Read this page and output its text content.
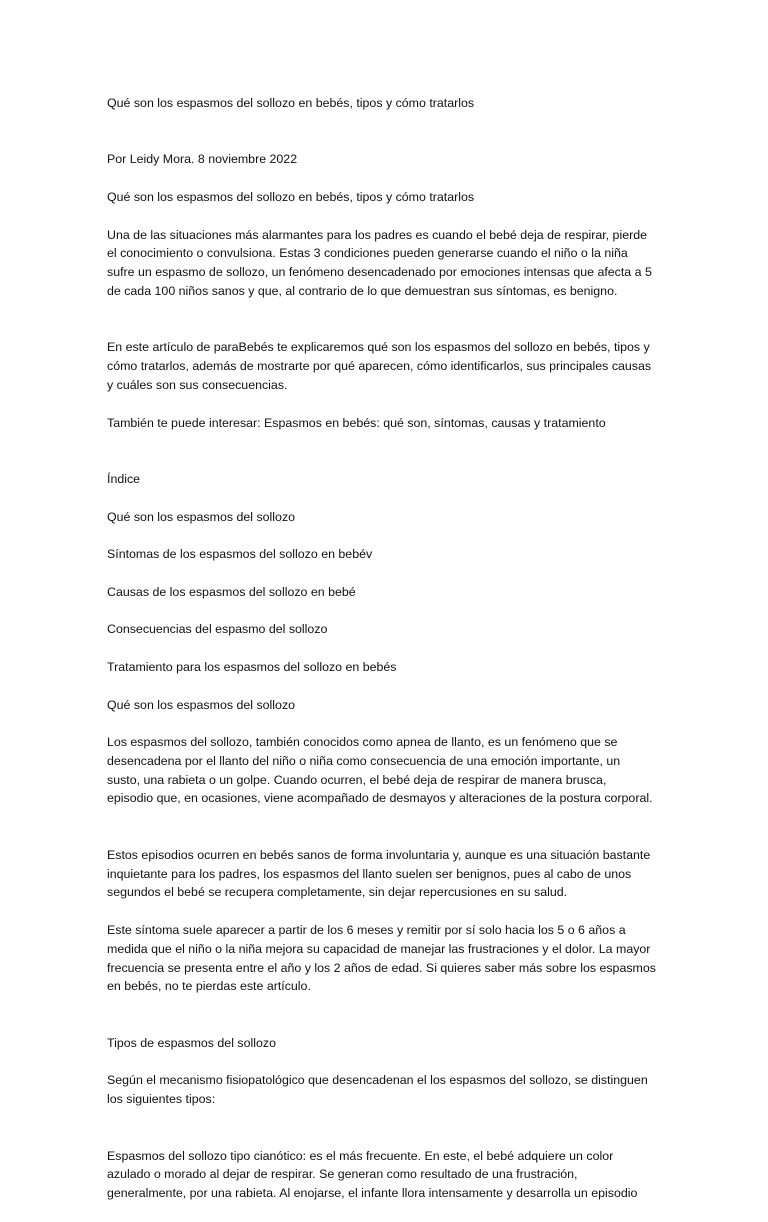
Qué son los espasmos del sollozo en bebés, tipos y cómo tratarlos

Por Leidy Mora. 8 noviembre 2022

Qué son los espasmos del sollozo en bebés, tipos y cómo tratarlos

Una de las situaciones más alarmantes para los padres es cuando el bebé deja de respirar, pierde
el conocimiento o convulsiona. Estas 3 condiciones pueden generarse cuando el niño o la niña
sufre un espasmo de sollozo, un fenómeno desencadenado por emociones intensas que afecta a 5
de cada 100 niños sanos y que, al contrario de lo que demuestran sus síntomas, es benigno.

En este artículo de paraBebés te explicaremos qué son los espasmos del sollozo en bebés, tipos y
cómo tratarlos, además de mostrarte por qué aparecen, cómo identificarlos, sus principales causas
y cuáles son sus consecuencias.

También te puede interesar: Espasmos en bebés: qué son, síntomas, causas y tratamiento

Índice

Qué son los espasmos del sollozo

Síntomas de los espasmos del sollozo en bebév

Causas de los espasmos del sollozo en bebé

Consecuencias del espasmo del sollozo

Tratamiento para los espasmos del sollozo en bebés

Qué son los espasmos del sollozo

Los espasmos del sollozo, también conocidos como apnea de llanto, es un fenómeno que se
desencadena por el llanto del niño o niña como consecuencia de una emoción importante, un
susto, una rabieta o un golpe. Cuando ocurren, el bebé deja de respirar de manera brusca,
episodio que, en ocasiones, viene acompañado de desmayos y alteraciones de la postura corporal.

Estos episodios ocurren en bebés sanos de forma involuntaria y, aunque es una situación bastante
inquietante para los padres, los espasmos del llanto suelen ser benignos, pues al cabo de unos
segundos el bebé se recupera completamente, sin dejar repercusiones en su salud.

Este síntoma suele aparecer a partir de los 6 meses y remitir por sí solo hacia los 5 o 6 años a
medida que el niño o la niña mejora su capacidad de manejar las frustraciones y el dolor. La mayor
frecuencia se presenta entre el año y los 2 años de edad. Si quieres saber más sobre los espasmos
en bebés, no te pierdas este artículo.

Tipos de espasmos del sollozo

Según el mecanismo fisiopatológico que desencadenan el los espasmos del sollozo, se distinguen
los siguientes tipos:

Espasmos del sollozo tipo cianótico: es el más frecuente. En este, el bebé adquiere un color
azulado o morado al dejar de respirar. Se generan como resultado de una frustración,
generalmente, por una rabieta. Al enojarse, el infante llora intensamente y desarrolla un episodio
